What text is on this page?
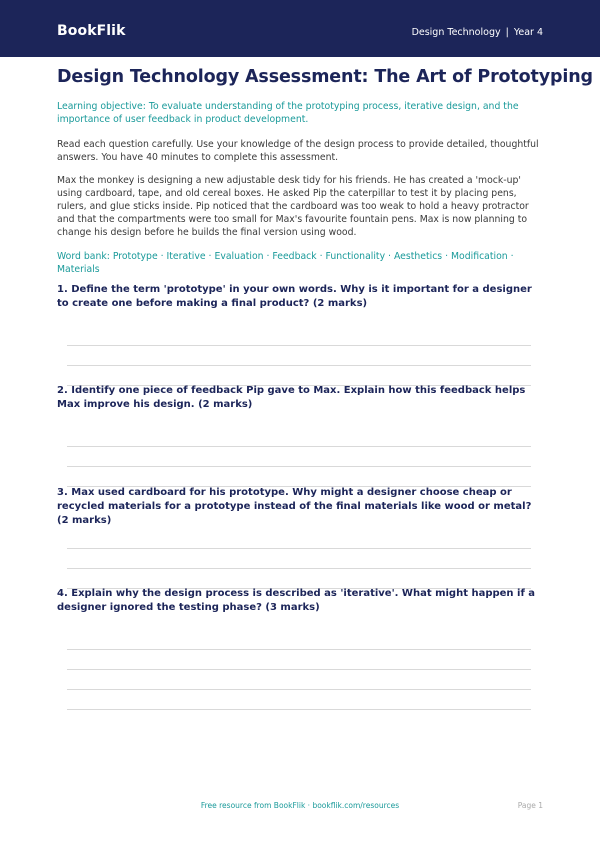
BookFlik	Design Technology | Year 4
Design Technology Assessment: The Art of Prototyping
Learning objective: To evaluate understanding of the prototyping process, iterative design, and the importance of user feedback in product development.
Read each question carefully. Use your knowledge of the design process to provide detailed, thoughtful answers. You have 40 minutes to complete this assessment.
Max the monkey is designing a new adjustable desk tidy for his friends. He has created a 'mock-up' using cardboard, tape, and old cereal boxes. He asked Pip the caterpillar to test it by placing pens, rulers, and glue sticks inside. Pip noticed that the cardboard was too weak to hold a heavy protractor and that the compartments were too small for Max's favourite fountain pens. Max is now planning to change his design before he builds the final version using wood.
Word bank: Prototype · Iterative · Evaluation · Feedback · Functionality · Aesthetics · Modification · Materials
1. Define the term 'prototype' in your own words. Why is it important for a designer to create one before making a final product? (2 marks)
2. Identify one piece of feedback Pip gave to Max. Explain how this feedback helps Max improve his design. (2 marks)
3. Max used cardboard for his prototype. Why might a designer choose cheap or recycled materials for a prototype instead of the final materials like wood or metal? (2 marks)
4. Explain why the design process is described as 'iterative'. What might happen if a designer ignored the testing phase? (3 marks)
Free resource from BookFlik · bookflik.com/resources	Page 1
